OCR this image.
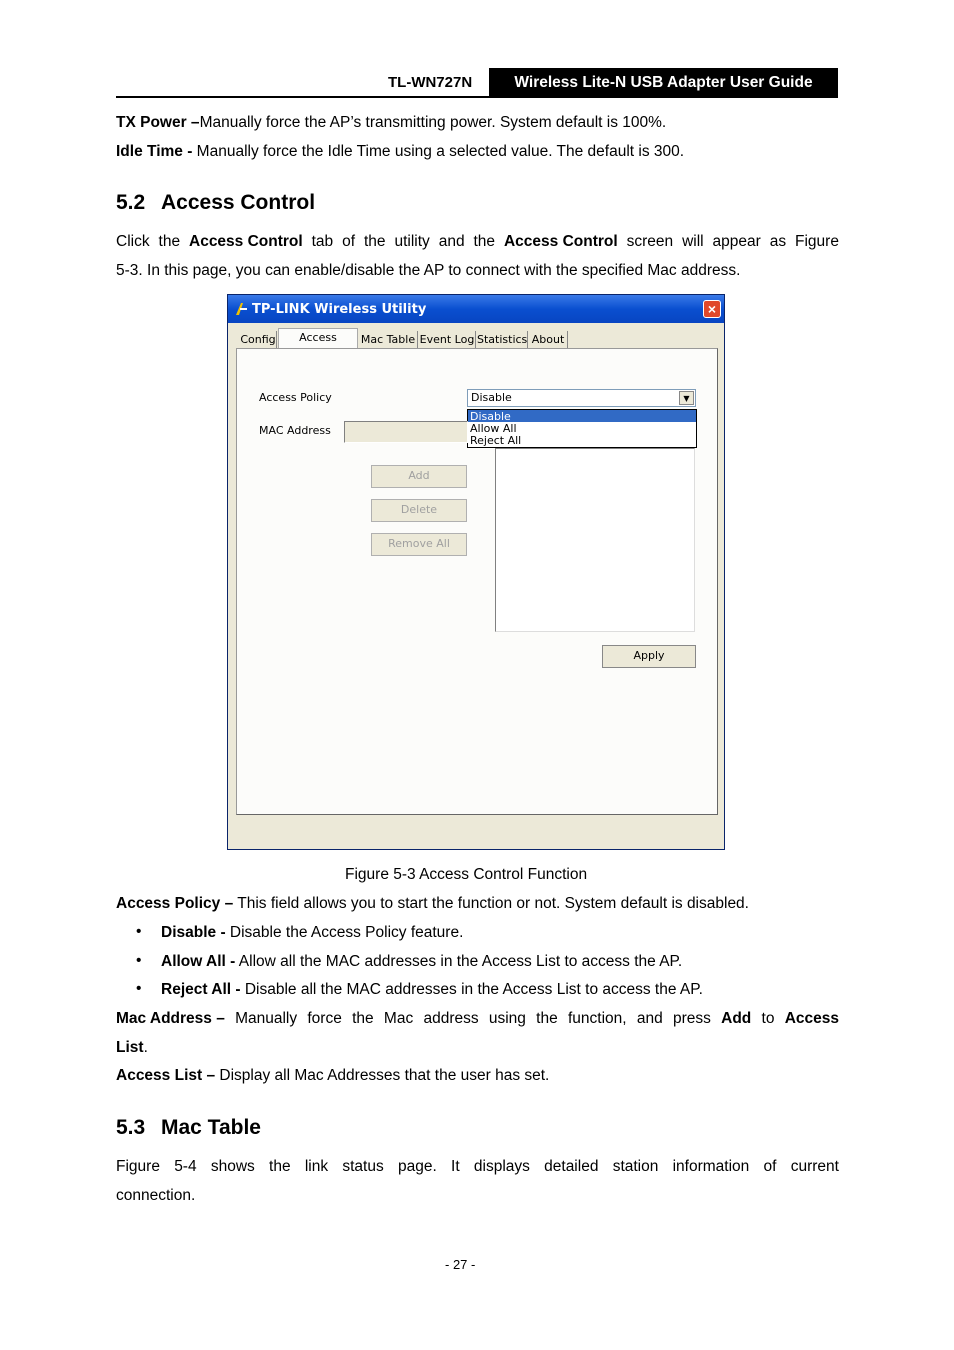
TL-WN727N	Wireless Lite-N USB Adapter User Guide
TX Power –Manually force the AP’s transmitting power. System default is 100%.
Idle Time - Manually force the Idle Time using a selected value. The default is 300.
5.2 Access Control
Click the Access Control tab of the utility and the Access Control screen will appear as Figure
5-3. In this page, you can enable/disable the AP to connect with the specified Mac address.
TP-LINK Wireless Utility	×
Config	Access	Mac Table Event Log Statistics About
Access Policy	Disable	▼
Disable
Allow All
Reject All
MAC Address
Add
Delete
Remove All
Apply
Figure 5-3 Access Control Function
Access Policy – This field allows you to start the function or not. System default is disabled.
• Disable - Disable the Access Policy feature.
• Allow All - Allow all the MAC addresses in the Access List to access the AP.
• Reject All - Disable all the MAC addresses in the Access List to access the AP.
Mac Address – Manually force the Mac address using the function, and press Add to Access
List.
Access List – Display all Mac Addresses that the user has set.
5.3 Mac Table
Figure 5-4 shows the link status page. It displays detailed station information of current
connection.
- 27 -
